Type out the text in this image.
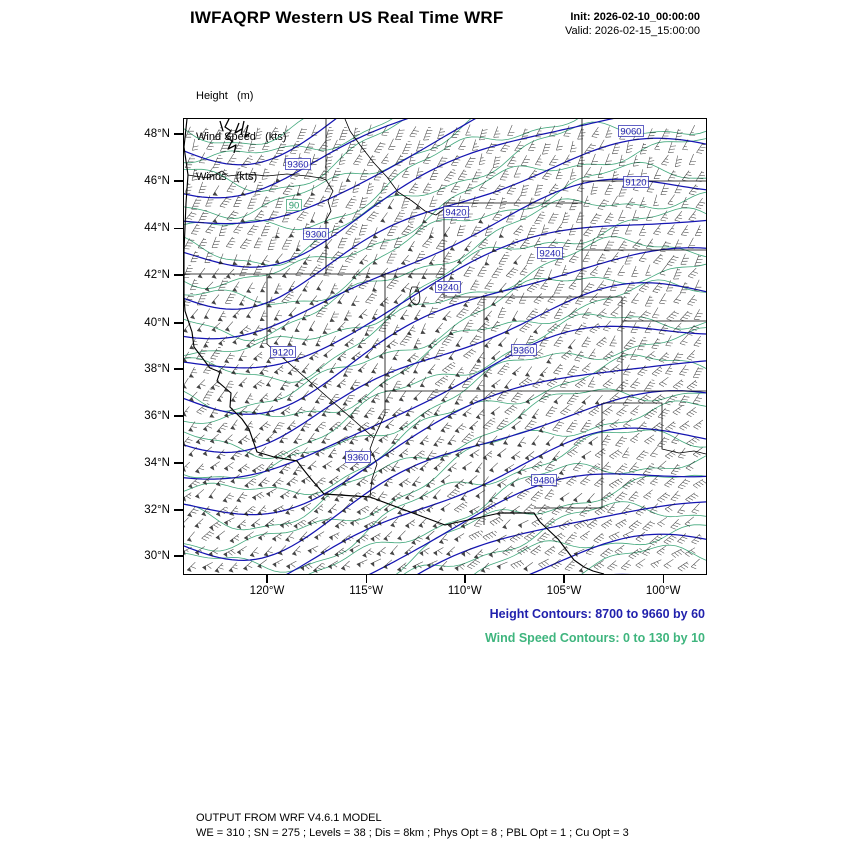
IWFAQRP Western US Real Time WRF	Init: 2026-02-10_00:00:00
Valid: 2026-02-15_15:00:00

Height   (m)

Wind Speed   (kts)

Winds   (kts)

9360
9060
9120
9420
9300
9240
9240
9360
9120
9360
9480
90
48°N
46°N
44°N
42°N
40°N
38°N
36°N
34°N
32°N
30°N
120°W	115°W	110°W	105°W	100°W
Height Contours: 8700 to 9660 by 60
Wind Speed Contours: 0 to 130 by 10
OUTPUT FROM WRF V4.6.1 MODEL
WE = 310 ; SN = 275 ; Levels = 38 ; Dis = 8km ; Phys Opt = 8 ; PBL Opt = 1 ; Cu Opt = 3
